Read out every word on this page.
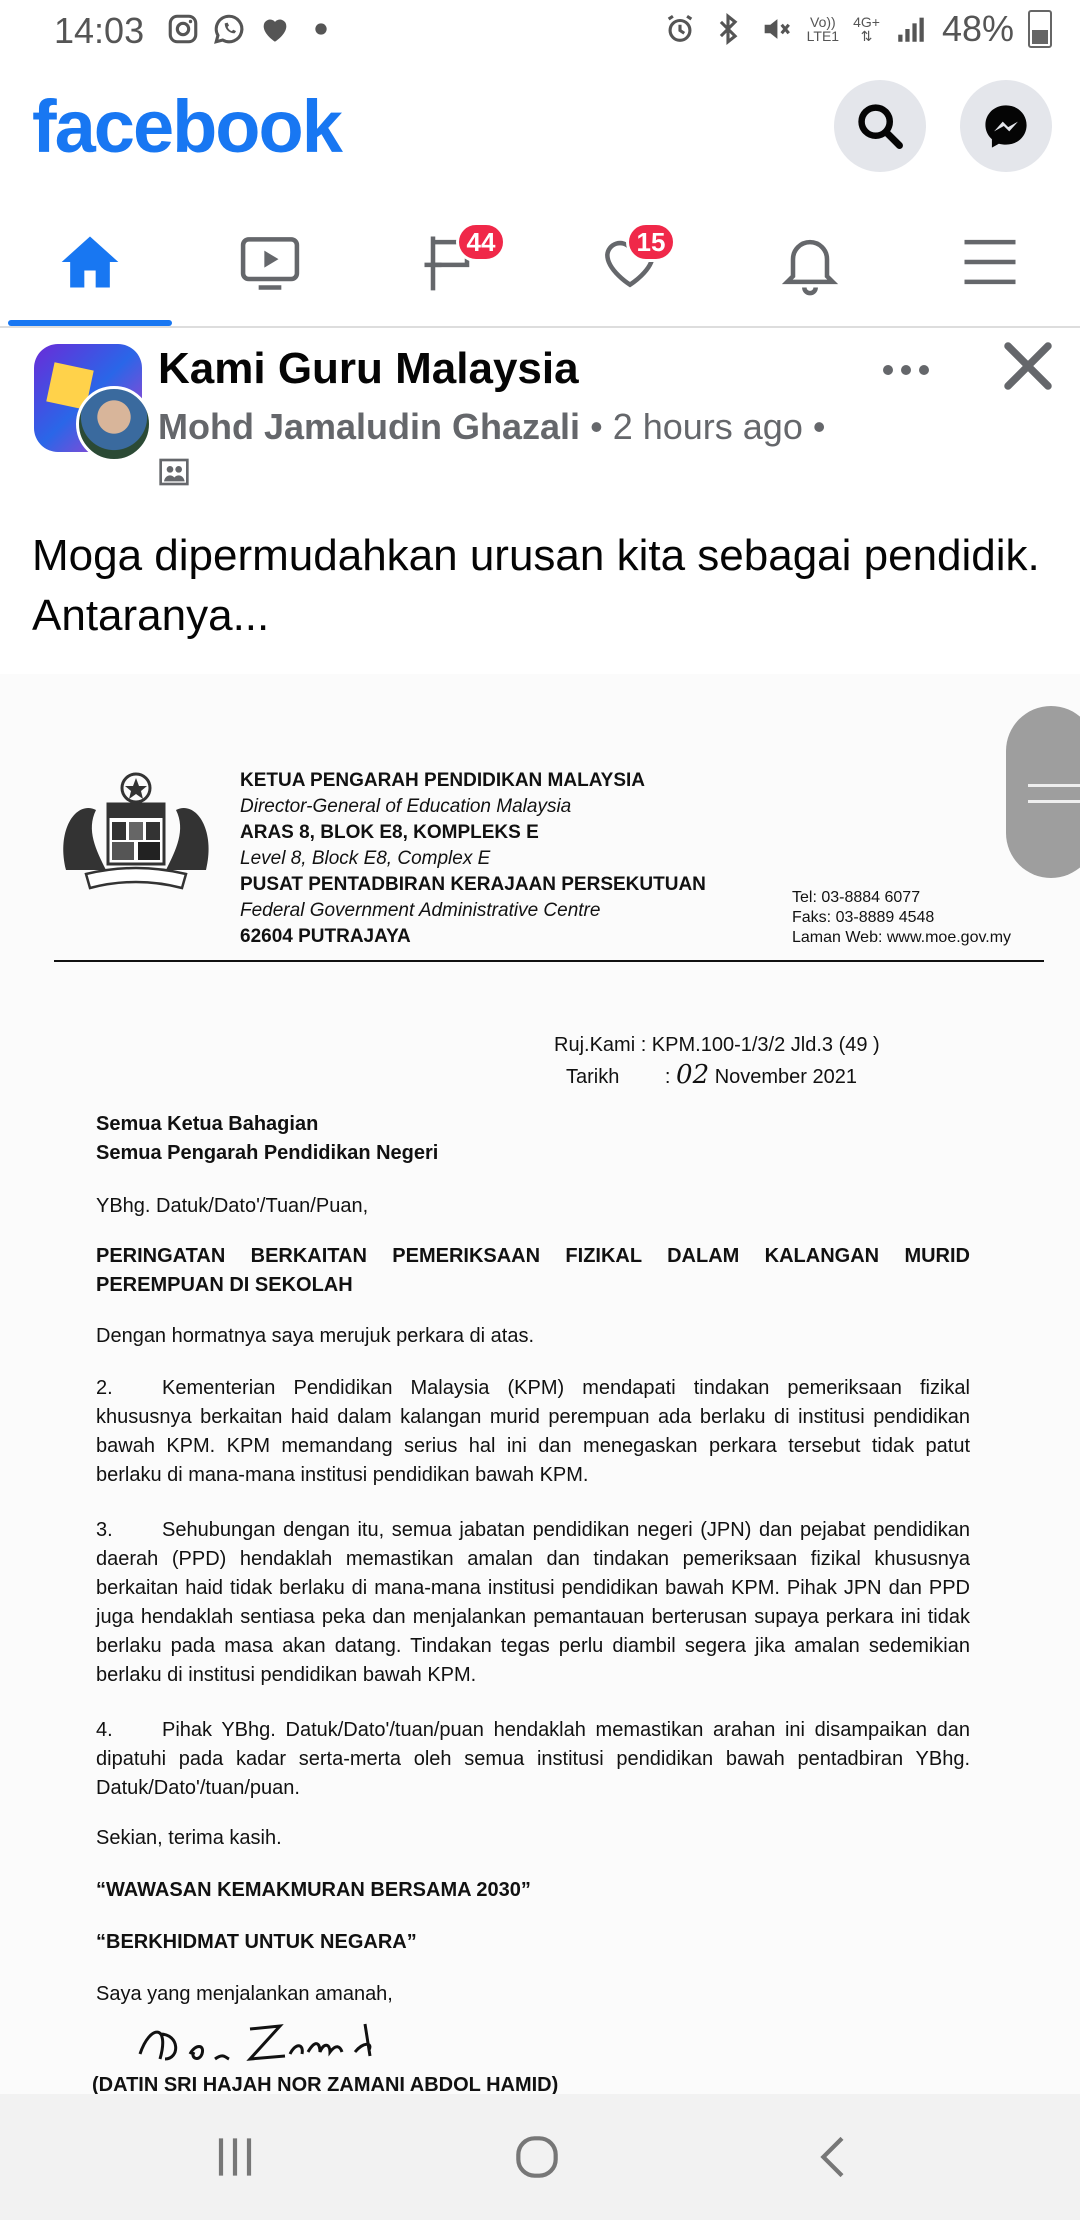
14:03	Vo))
LTE1
4G+
⇅ 48%
facebook
44	15
Kami Guru Malaysia
Mohd Jamaludin Ghazali • 2 hours ago •
Moga dipermudahkan urusan kita sebagai pendidik. Antaranya...
KETUA PENGARAH PENDIDIKAN MALAYSIA
Director-General of Education Malaysia
ARAS 8, BLOK E8, KOMPLEKS E
Level 8, Block E8, Complex E
PUSAT PENTADBIRAN KERAJAAN PERSEKUTUAN
Federal Government Administrative Centre
62604 PUTRAJAYA
Tel: 03-8884 6077
Faks: 03-8889 4548
Laman Web: www.moe.gov.my
Ruj.Kami : KPM.100-1/3/2 Jld.3 (49 )
Tarikh : 02 November 2021
Semua Ketua Bahagian
Semua Pengarah Pendidikan Negeri
YBhg. Datuk/Dato'/Tuan/Puan,
PERINGATAN BERKAITAN PEMERIKSAAN FIZIKAL DALAM KALANGAN MURID PEREMPUAN DI SEKOLAH
Dengan hormatnya saya merujuk perkara di atas.
2. Kementerian Pendidikan Malaysia (KPM) mendapati tindakan pemeriksaan fizikal khususnya berkaitan haid dalam kalangan murid perempuan ada berlaku di institusi pendidikan bawah KPM. KPM memandang serius hal ini dan menegaskan perkara tersebut tidak patut berlaku di mana-mana institusi pendidikan bawah KPM.
3. Sehubungan dengan itu, semua jabatan pendidikan negeri (JPN) dan pejabat pendidikan daerah (PPD) hendaklah memastikan amalan dan tindakan pemeriksaan fizikal khususnya berkaitan haid tidak berlaku di mana-mana institusi pendidikan bawah KPM. Pihak JPN dan PPD juga hendaklah sentiasa peka dan menjalankan pemantauan berterusan supaya perkara ini tidak berlaku pada masa akan datang. Tindakan tegas perlu diambil segera jika amalan sedemikian berlaku di institusi pendidikan bawah KPM.
4. Pihak YBhg. Datuk/Dato'/tuan/puan hendaklah memastikan arahan ini disampaikan dan dipatuhi pada kadar serta-merta oleh semua institusi pendidikan bawah pentadbiran YBhg. Datuk/Dato'/tuan/puan.
Sekian, terima kasih.
“WAWASAN KEMAKMURAN BERSAMA 2030”
“BERKHIDMAT UNTUK NEGARA”
Saya yang menjalankan amanah,
(DATIN SRI HAJAH NOR ZAMANI ABDOL HAMID)
